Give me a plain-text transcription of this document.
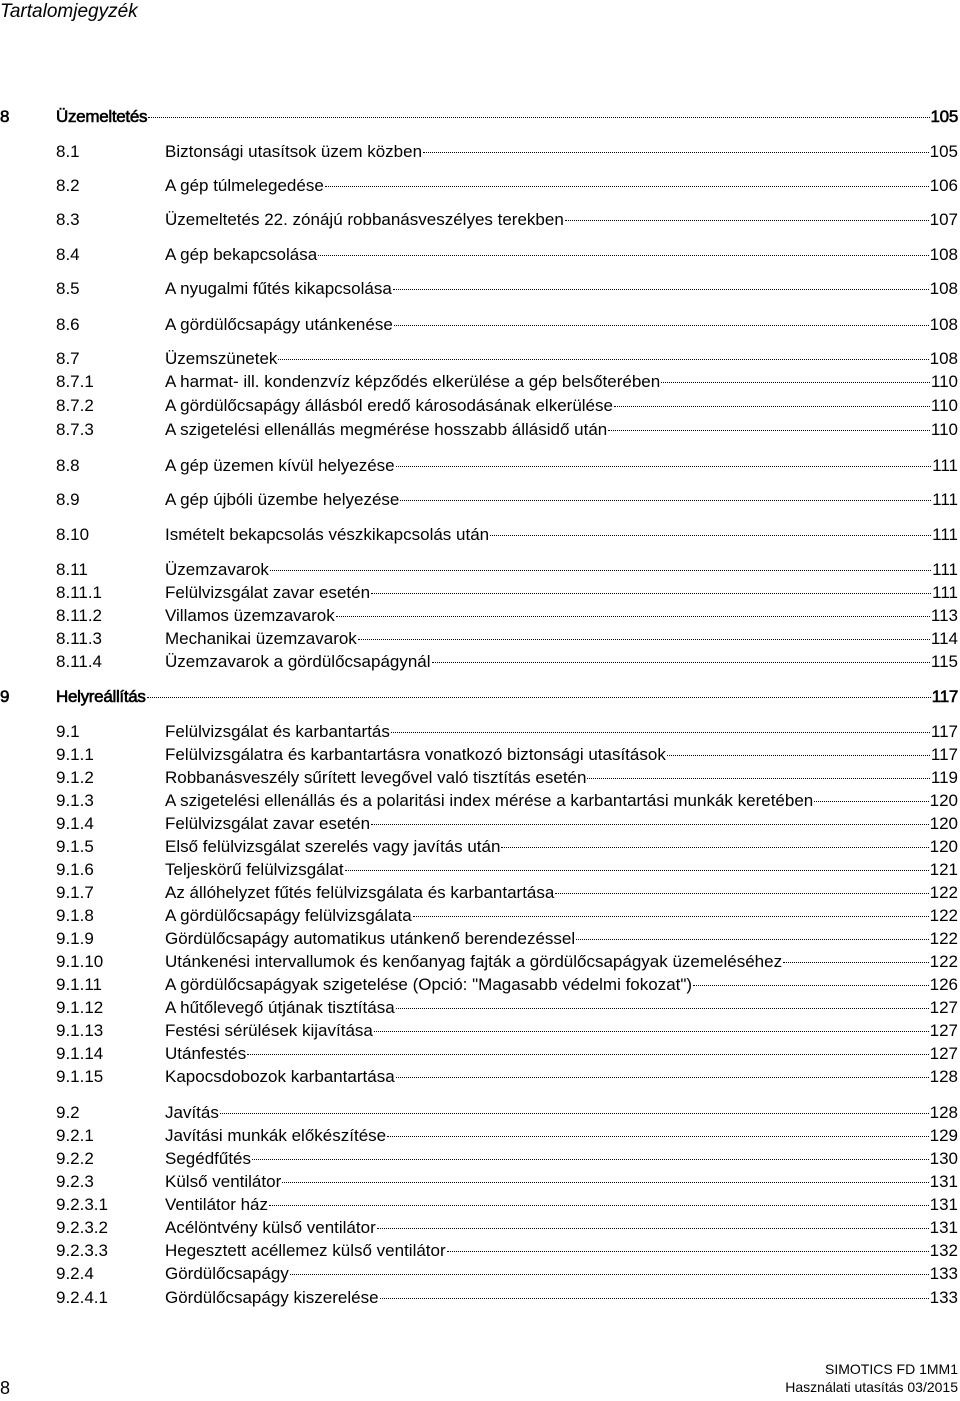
Tartalomjegyzék
8	Üzemeltetés	105
8.1	Biztonsági utasítsok üzem közben	105
8.2	A gép túlmelegedése	106
8.3	Üzemeltetés 22. zónájú robbanásveszélyes terekben	107
8.4	A gép bekapcsolása	108
8.5	A nyugalmi fűtés kikapcsolása	108
8.6	A gördülőcsapágy utánkenése	108
8.7	Üzemszünetek	108
8.7.1	A harmat- ill. kondenzvíz képződés elkerülése a gép belsőterében	110
8.7.2	A gördülőcsapágy állásból eredő károsodásának elkerülése	110
8.7.3	A szigetelési ellenállás megmérése hosszabb állásidő után	110
8.8	A gép üzemen kívül helyezése	111
8.9	A gép újbóli üzembe helyezése	111
8.10	Ismételt bekapcsolás vészkikapcsolás után	111
8.11	Üzemzavarok	111
8.11.1	Felülvizsgálat zavar esetén	111
8.11.2	Villamos üzemzavarok	113
8.11.3	Mechanikai üzemzavarok	114
8.11.4	Üzemzavarok a gördülőcsapágynál	115
9	Helyreállítás	117
9.1	Felülvizsgálat és karbantartás	117
9.1.1	Felülvizsgálatra és karbantartásra vonatkozó biztonsági utasítások	117
9.1.2	Robbanásveszély sűrített levegővel való tisztítás esetén	119
9.1.3	A szigetelési ellenállás és a polaritási index mérése a karbantartási munkák keretében	120
9.1.4	Felülvizsgálat zavar esetén	120
9.1.5	Első felülvizsgálat szerelés vagy javítás után	120
9.1.6	Teljeskörű felülvizsgálat	121
9.1.7	Az állóhelyzet fűtés felülvizsgálata és karbantartása	122
9.1.8	A gördülőcsapágy felülvizsgálata	122
9.1.9	Gördülőcsapágy automatikus utánkenő berendezéssel	122
9.1.10	Utánkenési intervallumok és kenőanyag fajták a gördülőcsapágyak üzemeléséhez	122
9.1.11	A gördülőcsapágyak szigetelése (Opció: "Magasabb védelmi fokozat")	126
9.1.12	A hűtőlevegő útjának tisztítása	127
9.1.13	Festési sérülések kijavítása	127
9.1.14	Utánfestés	127
9.1.15	Kapocsdobozok karbantartása	128
9.2	Javítás	128
9.2.1	Javítási munkák előkészítése	129
9.2.2	Segédfűtés	130
9.2.3	Külső ventilátor	131
9.2.3.1	Ventilátor ház	131
9.2.3.2	Acélöntvény külső ventilátor	131
9.2.3.3	Hegesztett acéllemez külső ventilátor	132
9.2.4	Gördülőcsapágy	133
9.2.4.1	Gördülőcsapágy kiszerelése	133
8
SIMOTICS FD 1MM1
Használati utasítás 03/2015
